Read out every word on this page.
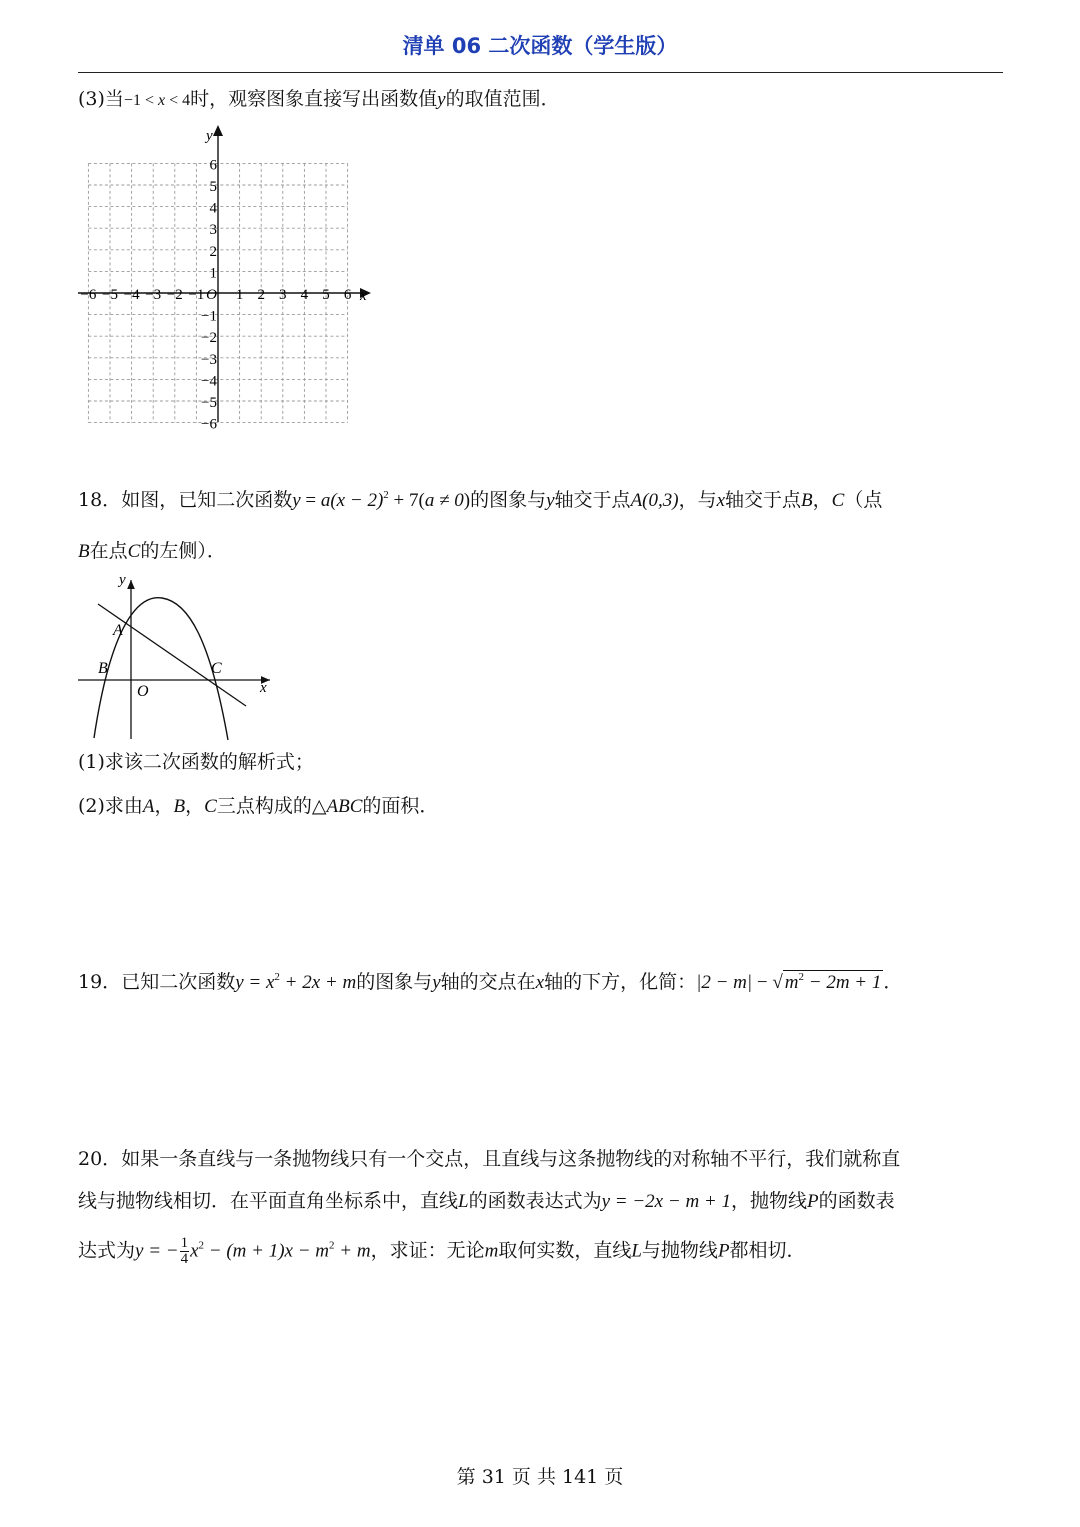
清单 06 二次函数（学生版）
(3)当−1 < x < 4时，观察图象直接写出函数值y的取值范围．
−6 −5 −4 −3 −2 −1 1 2 3 4 5 6
6
5
4
3
2
1
−1
−2
−3
−4
−5
−6
O	x
y
18．如图，已知二次函数$y = a(x - 2)^2 + 7(a \ne 0)$的图象与y轴交于点A(0,3)，与x轴交于点B，C（点
B在点C的左侧）．
A
B	C
O	x
y
(1)求该二次函数的解析式；
(2)求由A，B，C三点构成的△ABC的面积．
19．已知二次函数$y = x^2 + 2x + m$的图象与y轴的交点在x轴的下方，化简：|2 − m| − √ $m^2 - 2m + 1$ ．
20．如果一条直线与一条抛物线只有一个交点，且直线与这条抛物线的对称轴不平行，我们就称直
线与抛物线相切．在平面直角坐标系中，直线L的函数表达式为y = −2x − m + 1，抛物线P的函数表
达式为y = − $\frac{1}{4} x^2 - (m + 1)x - m^2 + m$，求证：无论m取何实数，直线L与抛物线P都相切．
第 31 页 共 141 页
